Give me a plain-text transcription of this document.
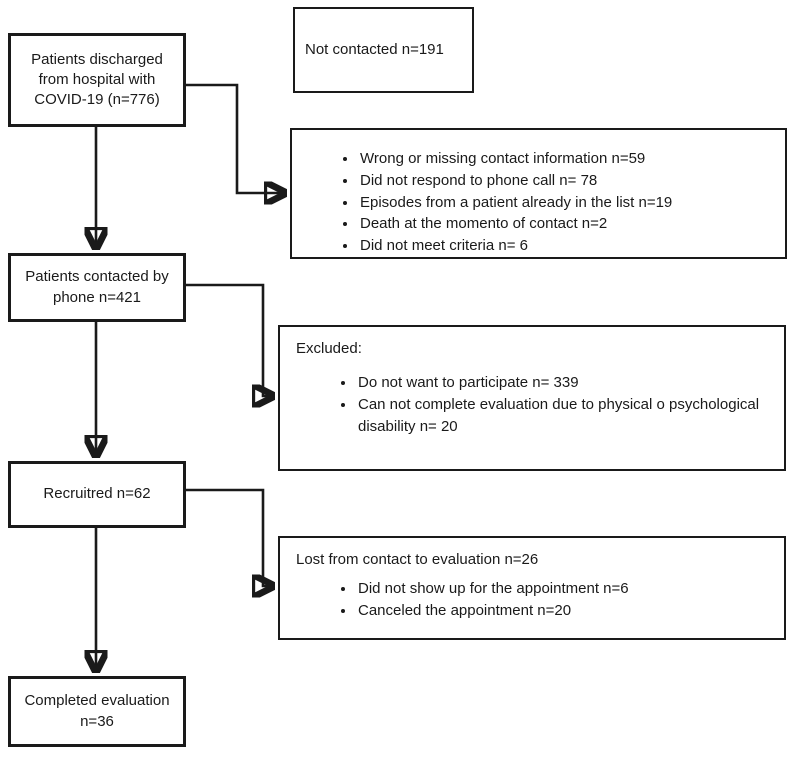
Patients discharged from hospital with COVID-19 (n=776)
Patients contacted by phone n=421
Recruitred n=62
Completed evaluation n=36
Not contacted n=191
• Wrong or missing contact information n=59
• Did not respond to phone call n= 78
• Episodes from a patient already in the list n=19
• Death at the momento of contact n=2
• Did not meet criteria n= 6
Excluded:
• Do not want to participate n= 339
• Can not complete evaluation due to physical o psychological disability n= 20
Lost from contact to evaluation n=26
• Did not show up for the appointment n=6
• Canceled the appointment n=20
